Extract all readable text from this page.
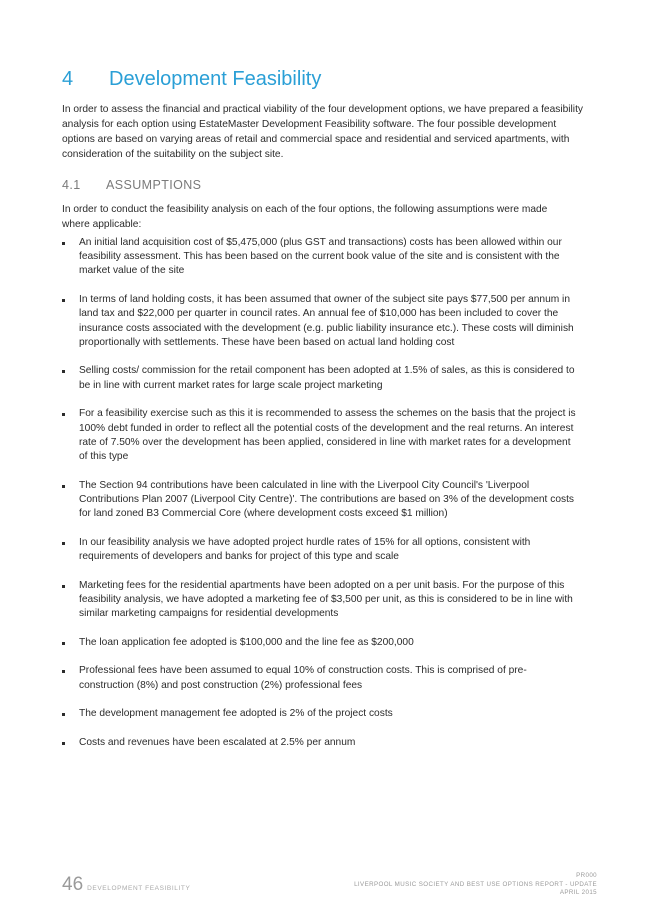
4 Development Feasibility

In order to assess the financial and practical viability of the four development options, we have prepared a feasibility analysis for each option using EstateMaster Development Feasibility software. The four possible development options are based on varying areas of retail and commercial space and residential and serviced apartments, with consideration of the suitability on the subject site.

4.1 ASSUMPTIONS

In order to conduct the feasibility analysis on each of the four options, the following assumptions were made where applicable:

An initial land acquisition cost of $5,475,000 (plus GST and transactions) costs has been allowed within our feasibility assessment. This has been based on the current book value of the site and is consistent with the market value of the site
In terms of land holding costs, it has been assumed that owner of the subject site pays $77,500 per annum in land tax and $22,000 per quarter in council rates. An annual fee of $10,000 has been included to cover the insurance costs associated with the development (e.g. public liability insurance etc.). These costs will diminish proportionally with settlements. These have been based on actual land holding cost
Selling costs/ commission for the retail component has been adopted at 1.5% of sales, as this is considered to be in line with current market rates for large scale project marketing
For a feasibility exercise such as this it is recommended to assess the schemes on the basis that the project is 100% debt funded in order to reflect all the potential costs of the development and the real returns. An interest rate of 7.50% over the development has been applied, considered in line with market rates for a development of this type
The Section 94 contributions have been calculated in line with the Liverpool City Council's 'Liverpool Contributions Plan 2007 (Liverpool City Centre)'. The contributions are based on 3% of the development costs for land zoned B3 Commercial Core (where development costs exceed $1 million)
In our feasibility analysis we have adopted project hurdle rates of 15% for all options, consistent with requirements of developers and banks for project of this type and scale
Marketing fees for the residential apartments have been adopted on a per unit basis. For the purpose of this feasibility analysis, we have adopted a marketing fee of $3,500 per unit, as this is considered to be in line with similar marketing campaigns for residential developments
The loan application fee adopted is $100,000 and the line fee as $200,000
Professional fees have been assumed to equal 10% of construction costs. This is comprised of pre-construction (8%) and post construction (2%) professional fees
The development management fee adopted is 2% of the project costs
Costs and revenues have been escalated at 2.5% per annum
46 DEVELOPMENT FEASIBILITY
PR000
LIVERPOOL MUSIC SOCIETY AND BEST USE OPTIONS REPORT - UPDATE
APRIL 2015
